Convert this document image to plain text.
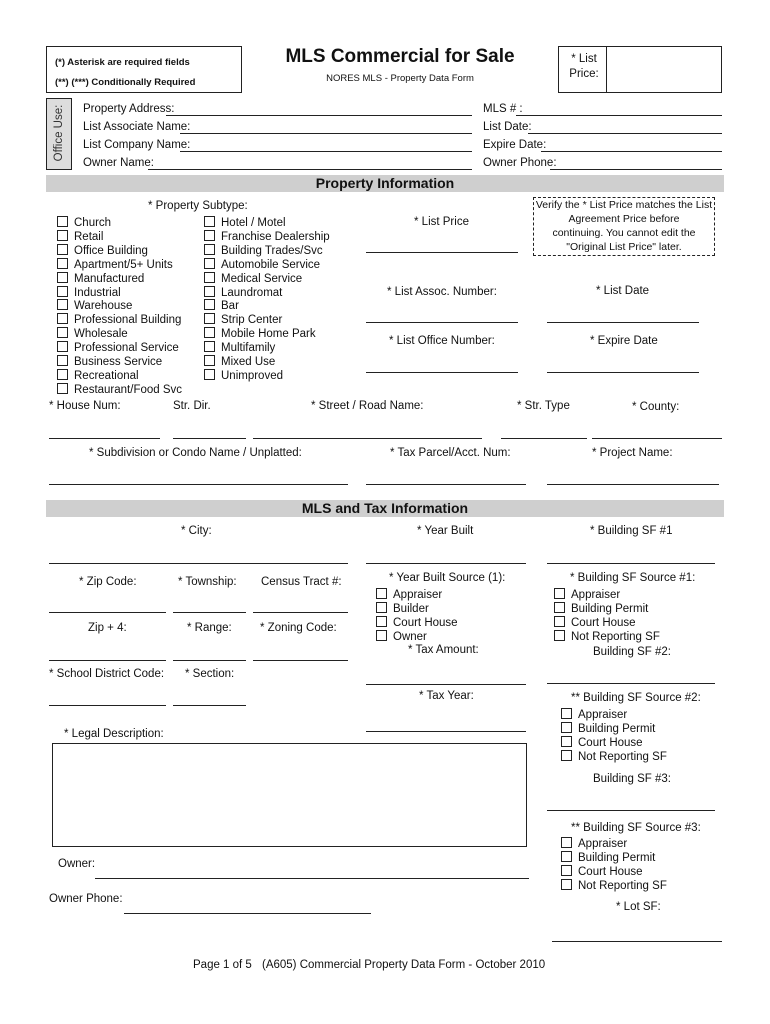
(*) Asterisk are required fields
(**) (***) Conditionally Required
MLS Commercial for Sale
NORES MLS - Property Data Form
* List
Price:
Office Use: Property Address:
List Associate Name:
List Company Name:
Owner Name:
MLS # :
List Date:
Expire Date:
Owner Phone:
Property Information
* Property Subtype:
Church
Retail
Office Building
Apartment/5+ Units
Manufactured
Industrial
Warehouse
Professional Building
Wholesale
Professional Service
Business Service
Recreational
Restaurant/Food Svc
Hotel / Motel
Franchise Dealership
Building Trades/Svc
Automobile Service
Medical Service
Laundromat
Bar
Strip Center
Mobile Home Park
Multifamily
Mixed Use
Unimproved
* List Price
Verify the * List Price matches the List
Agreement Price before
continuing. You cannot edit the
"Original List Price" later.
* List Assoc. Number:	* List Date
* List Office Number:	* Expire Date
* House Num:	Str. Dir.	* Street / Road Name:	* Str. Type	* County:
* Subdivision or Condo Name / Unplatted:	* Tax Parcel/Acct. Num:	* Project Name:
MLS and Tax Information
* City:	* Year Built	* Building SF #1
* Zip Code:	* Township: Census Tract #:	* Year Built Source (1):
Appraiser
Builder
Court House
Owner
* Building SF Source #1:
Appraiser
Building Permit
Court House
Not Reporting SF
Zip + 4:	* Range: * Zoning Code:
* Tax Amount:	Building SF #2:
* School District Code: * Section:
* Tax Year:	** Building SF Source #2:
Appraiser
Building Permit
Court House
Not Reporting SF
* Legal Description:
Building SF #3:
** Building SF Source #3:
Appraiser
Building Permit
Court House
Not Reporting SF
Owner:
Owner Phone:
* Lot SF:
Page 1 of 5 (A605) Commercial Property Data Form - October 2010
